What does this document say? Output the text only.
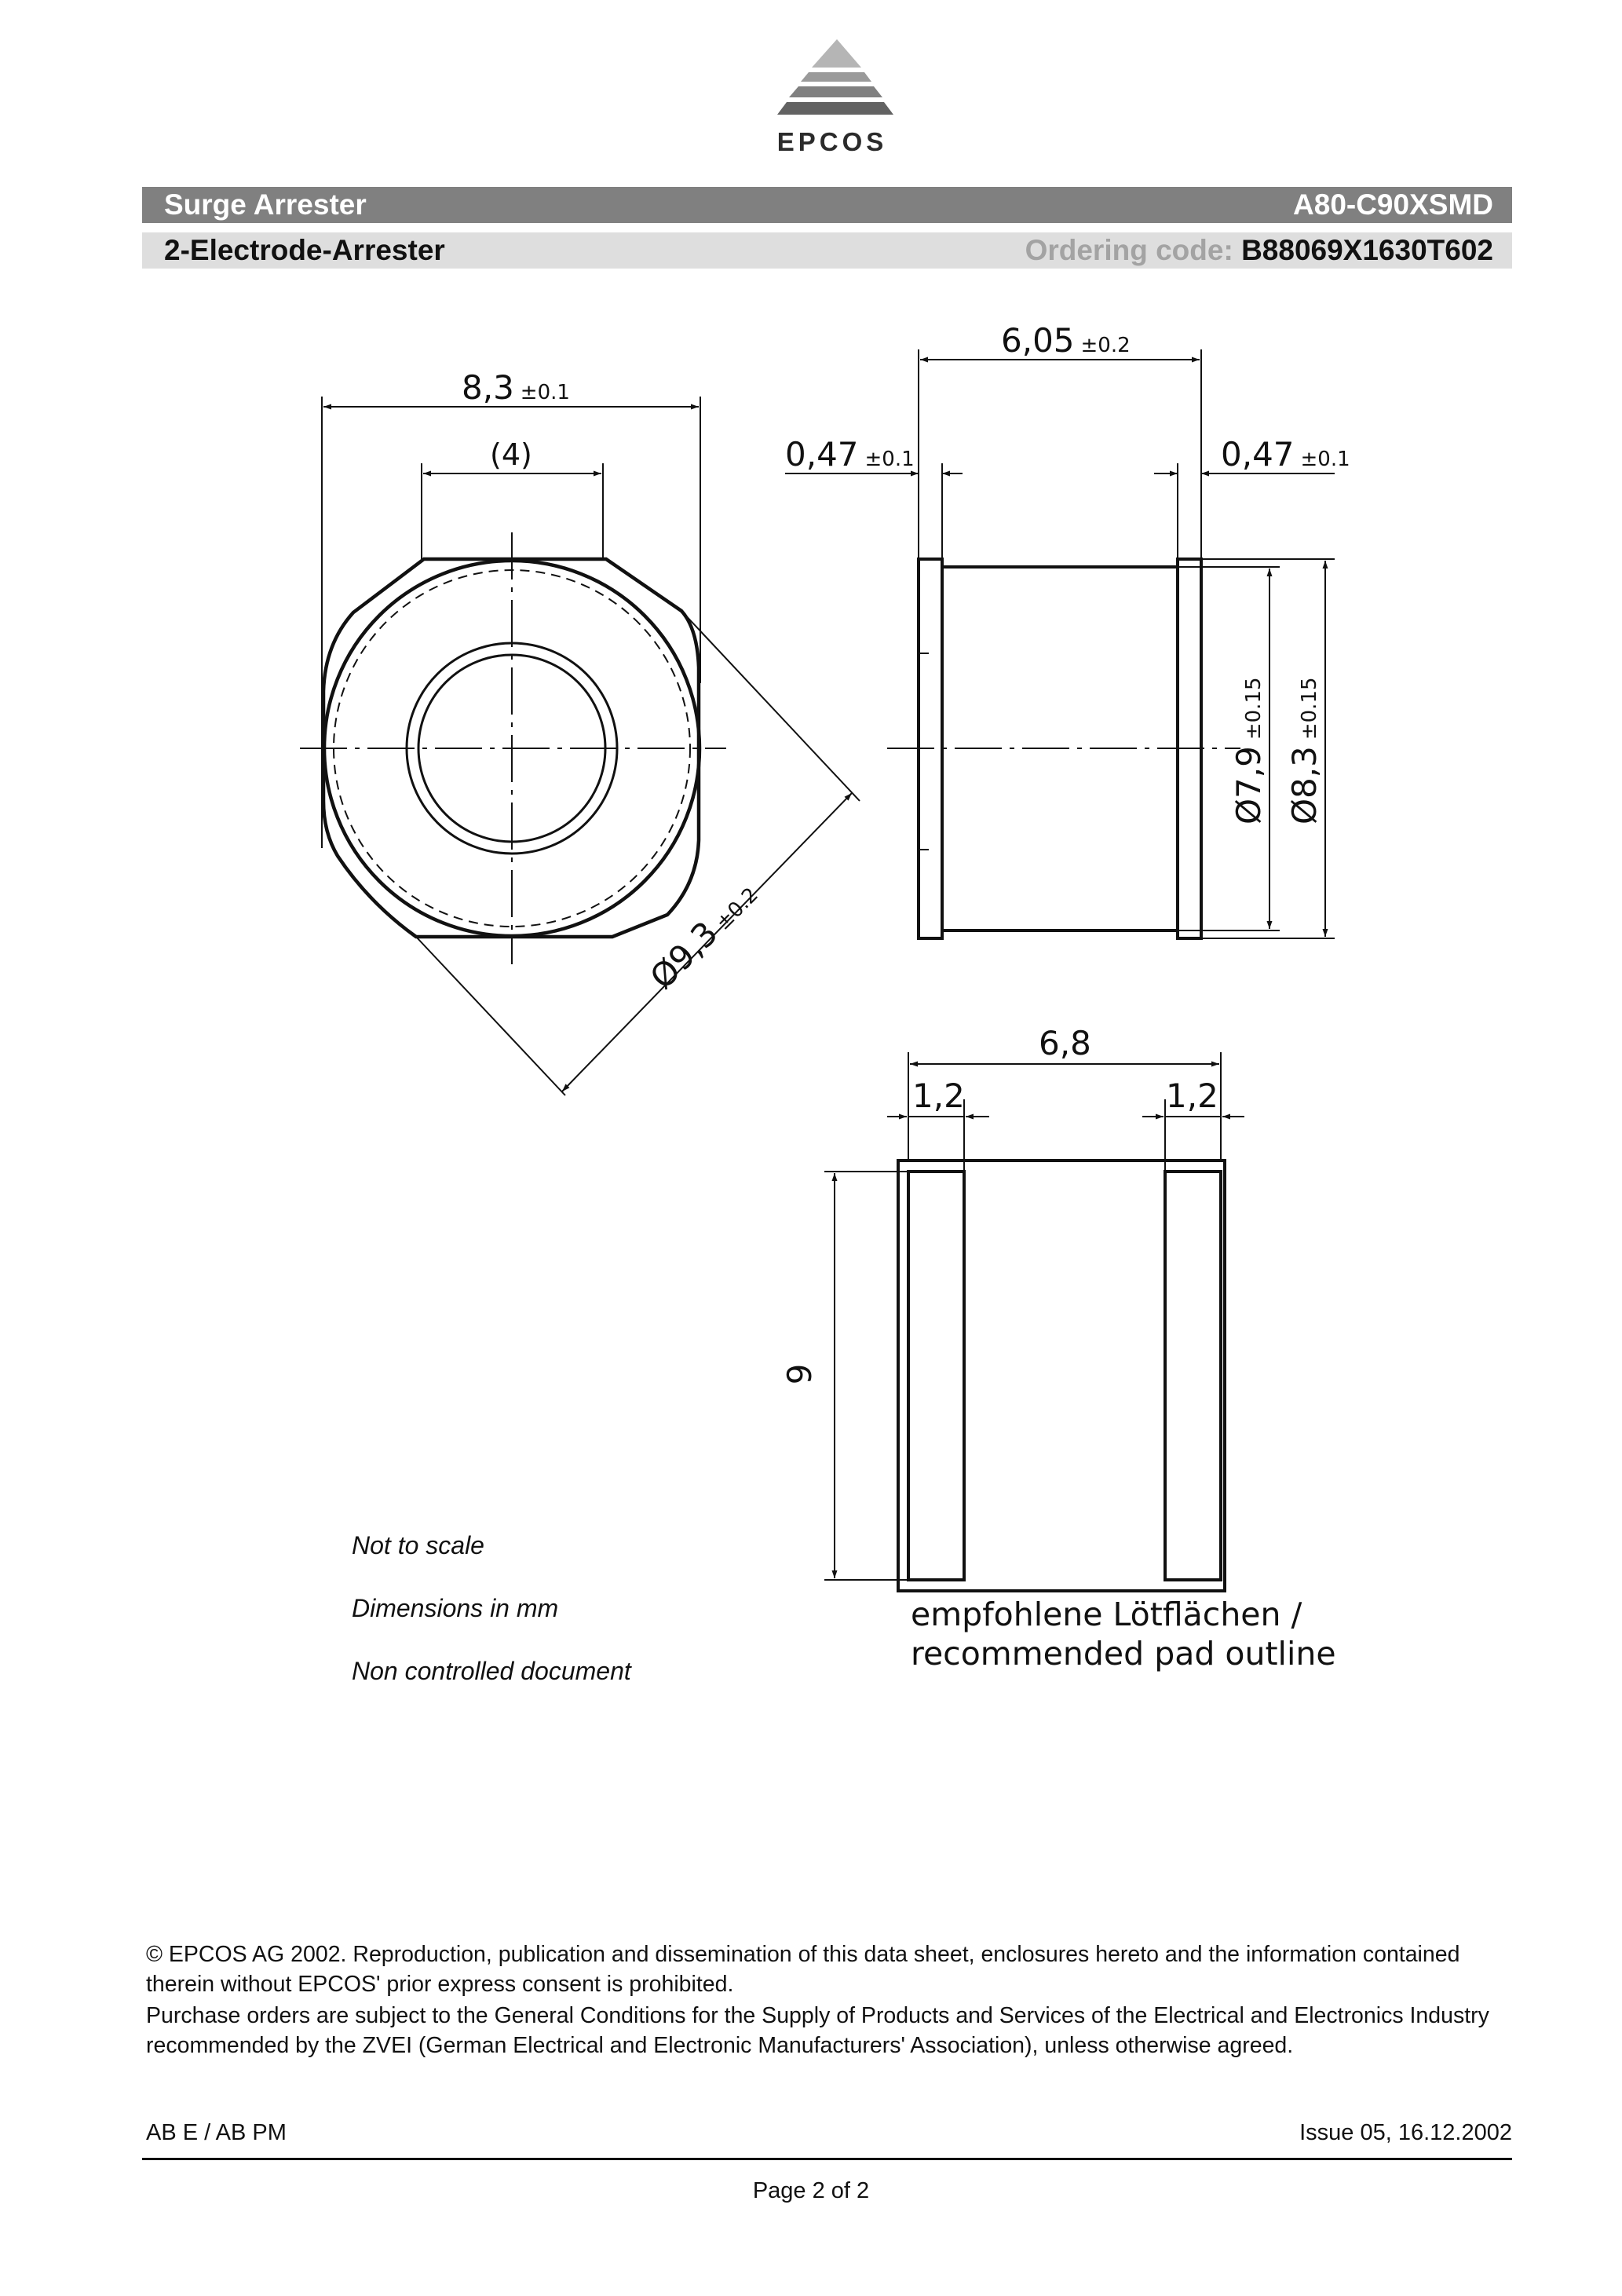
EPCOS
Surge Arrester	A80-C90XSMD
2-Electrode-Arrester	Ordering code: B88069X1630T602
8,3 ±0.1
(4)
Ø9,3±0.2
6,05 ±0.2
0,47 ±0.1	0,47 ±0.1
Ø7,9±0.15
Ø8,3±0.15
6,8
1,2	1,2
9
empfohlene Lötflächen /
recommended pad outline
Not to scale
Dimensions in mm
Non controlled document
© EPCOS AG 2002. Reproduction, publication and dissemination of this data sheet, enclosures hereto and the information contained therein without EPCOS' prior express consent is prohibited.
Purchase orders are subject to the General Conditions for the Supply of Products and Services of the Electrical and Electronics Industry recommended by the ZVEI (German Electrical and Electronic Manufacturers' Association), unless otherwise agreed.
AB E / AB PM	Issue 05, 16.12.2002
Page 2 of 2
